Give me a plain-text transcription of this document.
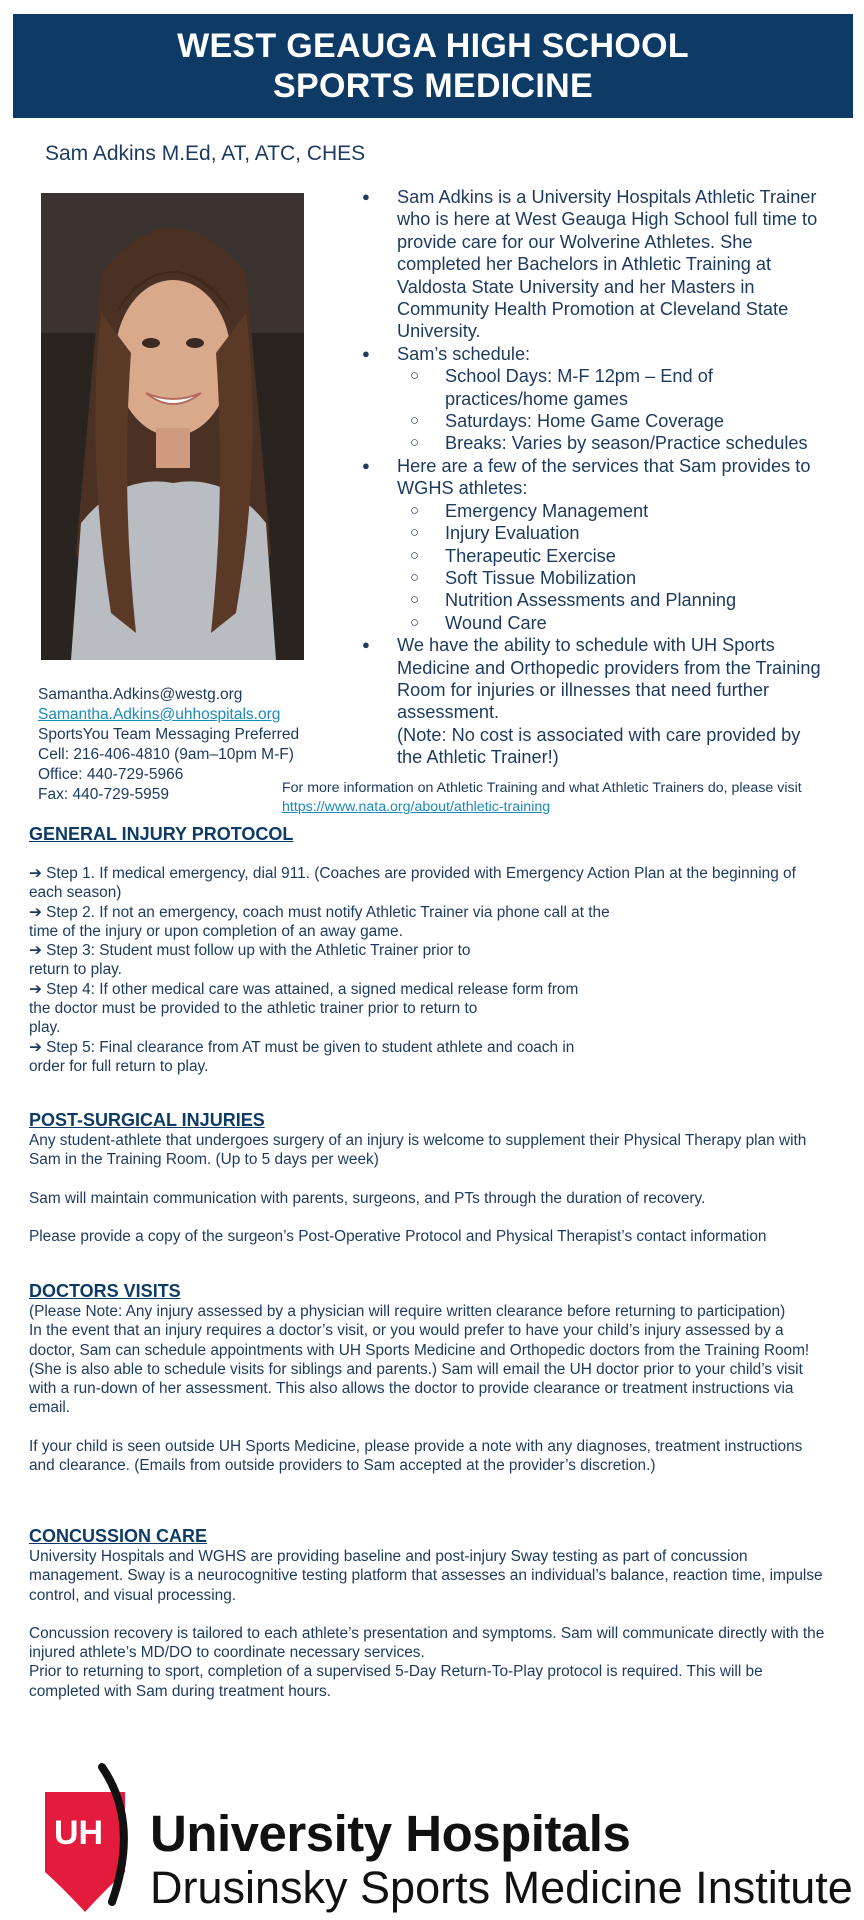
WEST GEAUGA HIGH SCHOOL
SPORTS MEDICINE
Sam Adkins M.Ed, AT, ATC, CHES
Samantha.Adkins@westg.org
Samantha.Adkins@uhhospitals.org
SportsYou Team Messaging Preferred
Cell: 216-406-4810 (9am–10pm M-F)
Office: 440-729-5966
Fax: 440-729-5959
● Sam Adkins is a University Hospitals Athletic Trainer who is here at West Geauga High School full time to provide care for our Wolverine Athletes. She completed her Bachelors in Athletic Training at Valdosta State University and her Masters in Community Health Promotion at Cleveland State University.
● Sam’s schedule:
○ School Days: M-F 12pm – End of practices/home games
○ Saturdays: Home Game Coverage
○ Breaks: Varies by season/Practice schedules
● Here are a few of the services that Sam provides to WGHS athletes:
○ Emergency Management
○ Injury Evaluation
○ Therapeutic Exercise
○ Soft Tissue Mobilization
○ Nutrition Assessments and Planning
○ Wound Care
● We have the ability to schedule with UH Sports Medicine and Orthopedic providers from the Training Room for injuries or illnesses that need further assessment.
(Note: No cost is associated with care provided by the Athletic Trainer!)
For more information on Athletic Training and what Athletic Trainers do, please visit
https://www.nata.org/about/athletic-training
GENERAL INJURY PROTOCOL
➔ Step 1. If medical emergency, dial 911. (Coaches are provided with Emergency Action Plan at the beginning of each season)
➔ Step 2. If not an emergency, coach must notify Athletic Trainer via phone call at the
time of the injury or upon completion of an away game.
➔ Step 3: Student must follow up with the Athletic Trainer prior to
return to play.
➔ Step 4: If other medical care was attained, a signed medical release form from
the doctor must be provided to the athletic trainer prior to return to
play.
➔ Step 5: Final clearance from AT must be given to student athlete and coach in
order for full return to play.
POST-SURGICAL INJURIES
Any student-athlete that undergoes surgery of an injury is welcome to supplement their Physical Therapy plan with Sam in the Training Room. (Up to 5 days per week)
Sam will maintain communication with parents, surgeons, and PTs through the duration of recovery.
Please provide a copy of the surgeon’s Post-Operative Protocol and Physical Therapist’s contact information
DOCTORS VISITS
(Please Note: Any injury assessed by a physician will require written clearance before returning to participation)
In the event that an injury requires a doctor’s visit, or you would prefer to have your child’s injury assessed by a doctor, Sam can schedule appointments with UH Sports Medicine and Orthopedic doctors from the Training Room! (She is also able to schedule visits for siblings and parents.) Sam will email the UH doctor prior to your child’s visit with a run-down of her assessment. This also allows the doctor to provide clearance or treatment instructions via email.
If your child is seen outside UH Sports Medicine, please provide a note with any diagnoses, treatment instructions and clearance. (Emails from outside providers to Sam accepted at the provider’s discretion.)
CONCUSSION CARE
University Hospitals and WGHS are providing baseline and post-injury Sway testing as part of concussion management. Sway is a neurocognitive testing platform that assesses an individual’s balance, reaction time, impulse control, and visual processing.
Concussion recovery is tailored to each athlete’s presentation and symptoms. Sam will communicate directly with the injured athlete’s MD/DO to coordinate necessary services.
Prior to returning to sport, completion of a supervised 5-Day Return-To-Play protocol is required. This will be completed with Sam during treatment hours.
UH University Hospitals
Drusinsky Sports Medicine Institute
